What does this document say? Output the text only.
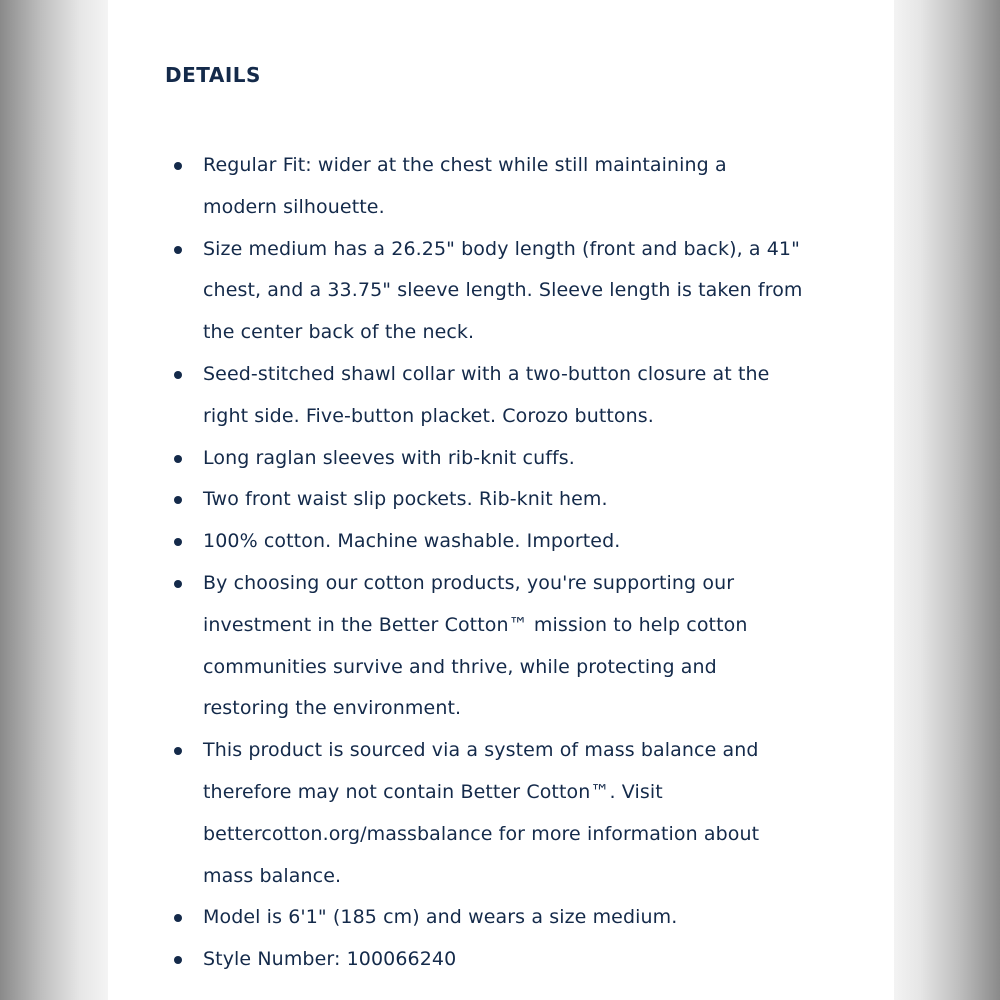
DETAILS
Regular Fit: wider at the chest while still maintaining a modern silhouette.
Size medium has a 26.25" body length (front and back), a 41" chest, and a 33.75" sleeve length. Sleeve length is taken from the center back of the neck.
Seed-stitched shawl collar with a two-button closure at the right side. Five-button placket. Corozo buttons.
Long raglan sleeves with rib-knit cuffs.
Two front waist slip pockets. Rib-knit hem.
100% cotton. Machine washable. Imported.
By choosing our cotton products, you're supporting our investment in the Better Cotton™ mission to help cotton communities survive and thrive, while protecting and restoring the environment.
This product is sourced via a system of mass balance and therefore may not contain Better Cotton™. Visit bettercotton.org/massbalance for more information about mass balance.
Model is 6'1" (185 cm) and wears a size medium.
Style Number: 100066240
